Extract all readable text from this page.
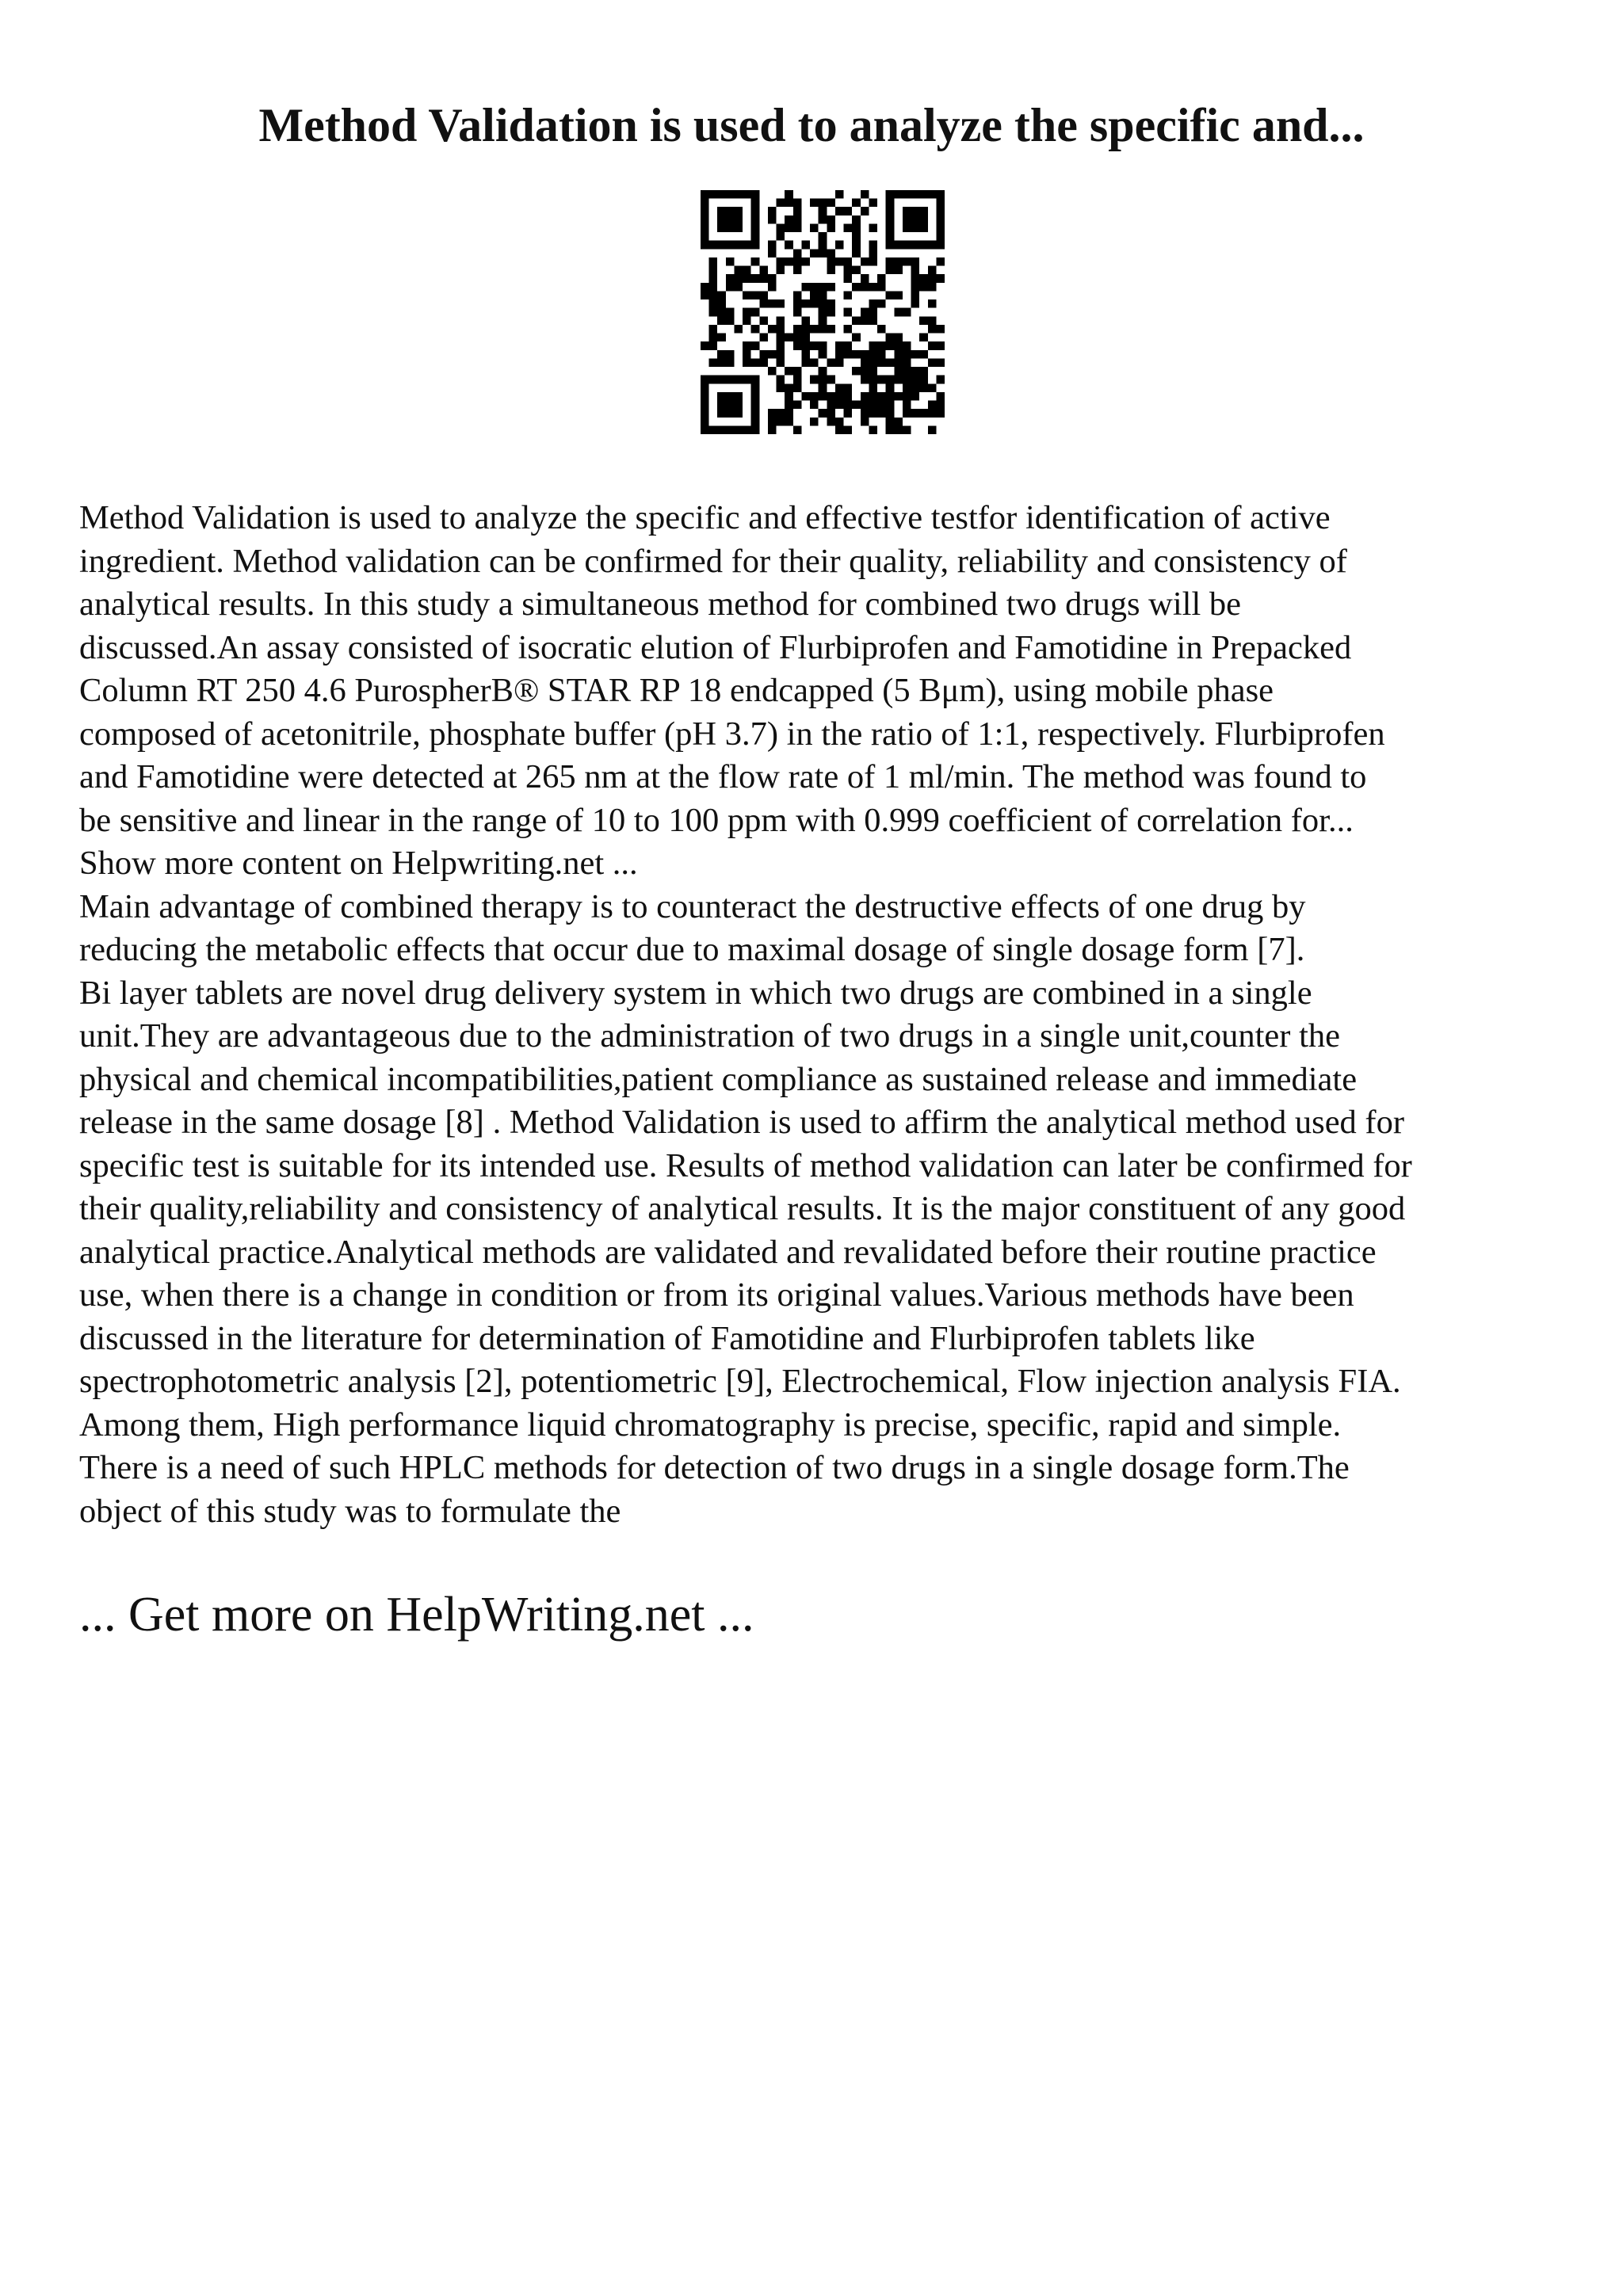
Method Validation is used to analyze the specific and...

Method Validation is used to analyze the specific and effective testfor identification of active
ingredient. Method validation can be confirmed for their quality, reliability and consistency of
analytical results. In this study a simultaneous method for combined two drugs will be
discussed.An assay consisted of isocratic elution of Flurbiprofen and Famotidine in Prepacked
Column RT 250 4.6 PurospherB® STAR RP 18 endcapped (5 Bμm), using mobile phase
composed of acetonitrile, phosphate buffer (pH 3.7) in the ratio of 1:1, respectively. Flurbiprofen
and Famotidine were detected at 265 nm at the flow rate of 1 ml/min. The method was found to
be sensitive and linear in the range of 10 to 100 ppm with 0.999 coefficient of correlation for...

Show more content on Helpwriting.net ...

Main advantage of combined therapy is to counteract the destructive effects of one drug by
reducing the metabolic effects that occur due to maximal dosage of single dosage form [7].

Bi layer tablets are novel drug delivery system in which two drugs are combined in a single
unit.They are advantageous due to the administration of two drugs in a single unit,counter the
physical and chemical incompatibilities,patient compliance as sustained release and immediate
release in the same dosage [8] . Method Validation is used to affirm the analytical method used for
specific test is suitable for its intended use. Results of method validation can later be confirmed for
their quality,reliability and consistency of analytical results. It is the major constituent of any good
analytical practice.Analytical methods are validated and revalidated before their routine practice
use, when there is a change in condition or from its original values.Various methods have been
discussed in the literature for determination of Famotidine and Flurbiprofen tablets like
spectrophotometric analysis [2], potentiometric [9], Electrochemical, Flow injection analysis FIA.
Among them, High performance liquid chromatography is precise, specific, rapid and simple.
There is a need of such HPLC methods for detection of two drugs in a single dosage form.The
object of this study was to formulate the

... Get more on HelpWriting.net ...
